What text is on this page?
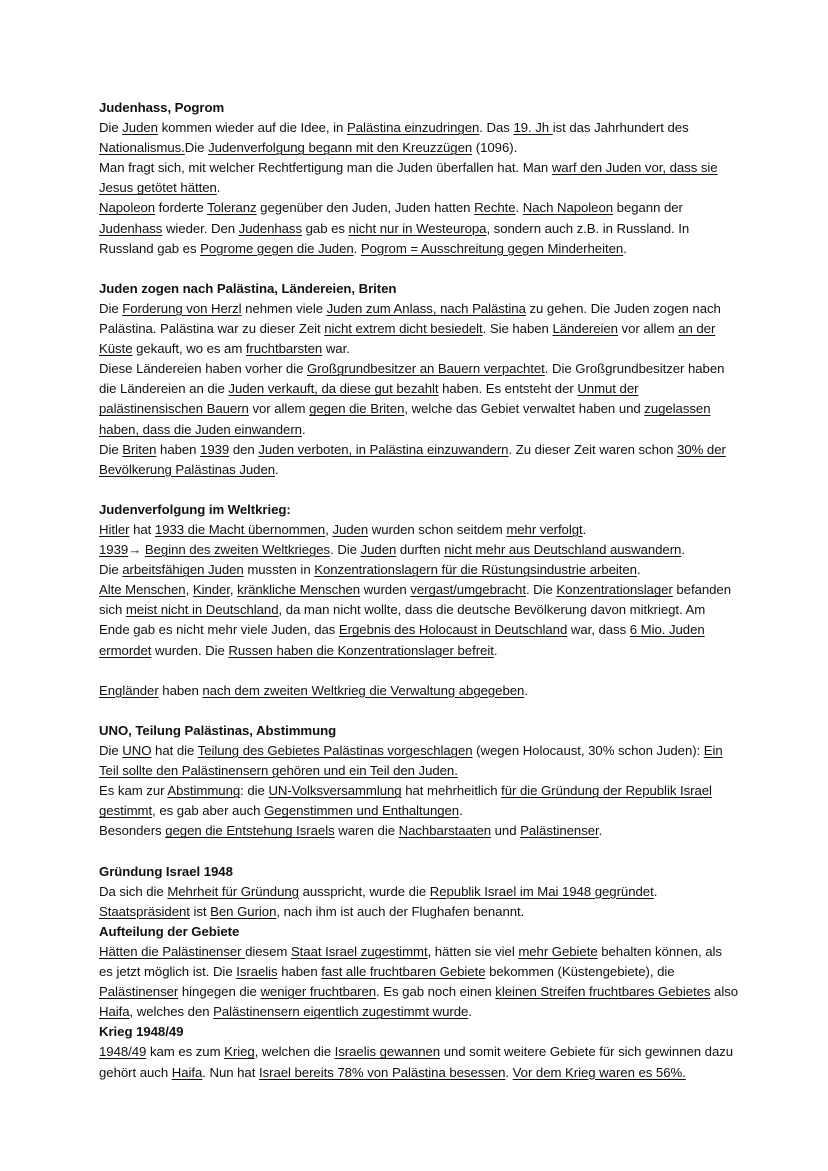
Judenhass, Pogrom

Die Juden kommen wieder auf die Idee, in Palästina einzudringen. Das 19. Jh ist das Jahrhundert des Nationalismus.Die Judenverfolgung begann mit den Kreuzzügen (1096).

Man fragt sich, mit welcher Rechtfertigung man die Juden überfallen hat. Man warf den Juden vor, dass sie Jesus getötet hätten.

Napoleon forderte Toleranz gegenüber den Juden, Juden hatten Rechte. Nach Napoleon begann der Judenhass wieder. Den Judenhass gab es nicht nur in Westeuropa, sondern auch z.B. in Russland. In Russland gab es Pogrome gegen die Juden. Pogrom = Ausschreitung gegen Minderheiten.

Juden zogen nach Palästina, Ländereien, Briten

Die Forderung von Herzl nehmen viele Juden zum Anlass, nach Palästina zu gehen. Die Juden zogen nach Palästina. Palästina war zu dieser Zeit nicht extrem dicht besiedelt. Sie haben Ländereien vor allem an der Küste gekauft, wo es am fruchtbarsten war.

Diese Ländereien haben vorher die Großgrundbesitzer an Bauern verpachtet. Die Großgrundbesitzer haben die Ländereien an die Juden verkauft, da diese gut bezahlt haben. Es entsteht der Unmut der palästinensischen Bauern vor allem gegen die Briten, welche das Gebiet verwaltet haben und zugelassen haben, dass die Juden einwandern.

Die Briten haben 1939 den Juden verboten, in Palästina einzuwandern. Zu dieser Zeit waren schon 30% der Bevölkerung Palästinas Juden.

Judenverfolgung im Weltkrieg:

Hitler hat 1933 die Macht übernommen, Juden wurden schon seitdem mehr verfolgt.

1939→ Beginn des zweiten Weltkrieges. Die Juden durften nicht mehr aus Deutschland auswandern.

Die arbeitsfähigen Juden mussten in Konzentrationslagern für die Rüstungsindustrie arbeiten.

Alte Menschen, Kinder, kränkliche Menschen wurden vergast/umgebracht. Die Konzentrationslager befanden sich meist nicht in Deutschland, da man nicht wollte, dass die deutsche Bevölkerung davon mitkriegt. Am Ende gab es nicht mehr viele Juden, das Ergebnis des Holocaust in Deutschland war, dass 6 Mio. Juden ermordet wurden. Die Russen haben die Konzentrationslager befreit.

Engländer haben nach dem zweiten Weltkrieg die Verwaltung abgegeben.

UNO, Teilung Palästinas, Abstimmung

Die UNO hat die Teilung des Gebietes Palästinas vorgeschlagen (wegen Holocaust, 30% schon Juden): Ein Teil sollte den Palästinensern gehören und ein Teil den Juden.

Es kam zur Abstimmung: die UN-Volksversammlung hat mehrheitlich für die Gründung der Republik Israel gestimmt, es gab aber auch Gegenstimmen und Enthaltungen.

Besonders gegen die Entstehung Israels waren die Nachbarstaaten und Palästinenser.

Gründung Israel 1948

Da sich die Mehrheit für Gründung ausspricht, wurde die Republik Israel im Mai 1948 gegründet. Staatspräsident ist Ben Gurion, nach ihm ist auch der Flughafen benannt.

Aufteilung der Gebiete

Hätten die Palästinenser diesem Staat Israel zugestimmt, hätten sie viel mehr Gebiete behalten können, als es jetzt möglich ist. Die Israelis haben fast alle fruchtbaren Gebiete bekommen (Küstengebiete), die Palästinenser hingegen die weniger fruchtbaren. Es gab noch einen kleinen Streifen fruchtbares Gebietes also Haifa, welches den Palästinensern eigentlich zugestimmt wurde.

Krieg 1948/49

1948/49 kam es zum Krieg, welchen die Israelis gewannen und somit weitere Gebiete für sich gewinnen dazu gehört auch Haifa. Nun hat Israel bereits 78% von Palästina besessen. Vor dem Krieg waren es 56%.
